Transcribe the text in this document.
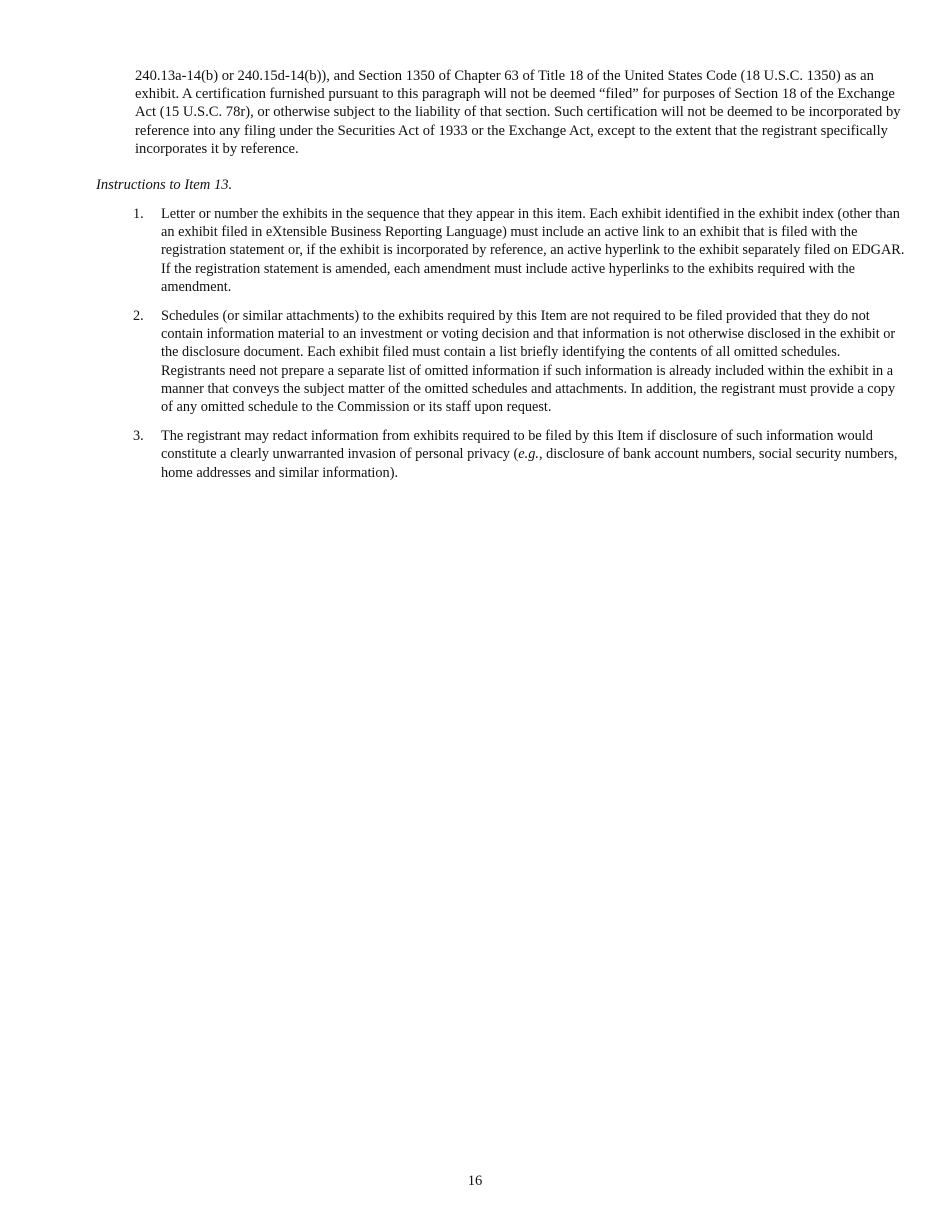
240.13a-14(b) or 240.15d-14(b)), and Section 1350 of Chapter 63 of Title 18 of the United States Code (18 U.S.C. 1350) as an exhibit. A certification furnished pursuant to this paragraph will not be deemed “filed” for purposes of Section 18 of the Exchange Act (15 U.S.C. 78r), or otherwise subject to the liability of that section. Such certification will not be deemed to be incorporated by reference into any filing under the Securities Act of 1933 or the Exchange Act, except to the extent that the registrant specifically incorporates it by reference.

Instructions to Item 13.

1. Letter or number the exhibits in the sequence that they appear in this item. Each exhibit identified in the exhibit index (other than an exhibit filed in eXtensible Business Reporting Language) must include an active link to an exhibit that is filed with the registration statement or, if the exhibit is incorporated by reference, an active hyperlink to the exhibit separately filed on EDGAR. If the registration statement is amended, each amendment must include active hyperlinks to the exhibits required with the amendment.
2. Schedules (or similar attachments) to the exhibits required by this Item are not required to be filed provided that they do not contain information material to an investment or voting decision and that information is not otherwise disclosed in the exhibit or the disclosure document. Each exhibit filed must contain a list briefly identifying the contents of all omitted schedules. Registrants need not prepare a separate list of omitted information if such information is already included within the exhibit in a manner that conveys the subject matter of the omitted schedules and attachments. In addition, the registrant must provide a copy of any omitted schedule to the Commission or its staff upon request.
3. The registrant may redact information from exhibits required to be filed by this Item if disclosure of such information would constitute a clearly unwarranted invasion of personal privacy (e.g., disclosure of bank account numbers, social security numbers, home addresses and similar information).

16
